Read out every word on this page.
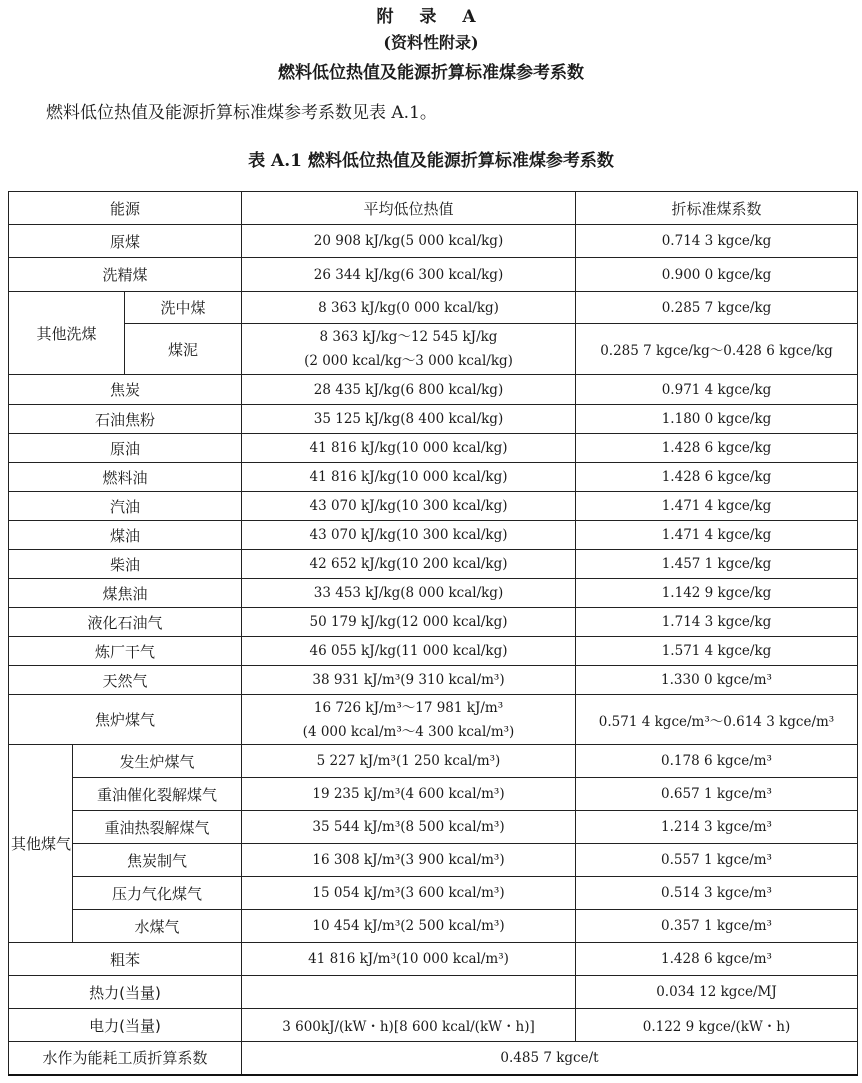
附 录 A
(资料性附录)
燃料低位热值及能源折算标准煤参考系数
燃料低位热值及能源折算标准煤参考系数见表 A.1。
表 A.1 燃料低位热值及能源折算标准煤参考系数
能源			平均低位热值	折标准煤系数
原煤			20 908 kJ/kg(5 000 kcal/kg)	0.714 3 kgce/kg
洗精煤			26 344 kJ/kg(6 300 kcal/kg)	0.900 0 kgce/kg
其他洗煤		洗中煤	8 363 kJ/kg(0 000 kcal/kg)	0.285 7 kgce/kg
		煤泥	8 363 kJ/kg～12 545 kJ/kg
(2 000 kcal/kg～3 000 kcal/kg)	0.285 7 kgce/kg～0.428 6 kgce/kg
焦炭			28 435 kJ/kg(6 800 kcal/kg)	0.971 4 kgce/kg
石油焦粉			35 125 kJ/kg(8 400 kcal/kg)	1.180 0 kgce/kg
原油			41 816 kJ/kg(10 000 kcal/kg)	1.428 6 kgce/kg
燃料油			41 816 kJ/kg(10 000 kcal/kg)	1.428 6 kgce/kg
汽油			43 070 kJ/kg(10 300 kcal/kg)	1.471 4 kgce/kg
煤油			43 070 kJ/kg(10 300 kcal/kg)	1.471 4 kgce/kg
柴油			42 652 kJ/kg(10 200 kcal/kg)	1.457 1 kgce/kg
煤焦油			33 453 kJ/kg(8 000 kcal/kg)	1.142 9 kgce/kg
液化石油气			50 179 kJ/kg(12 000 kcal/kg)	1.714 3 kgce/kg
炼厂干气			46 055 kJ/kg(11 000 kcal/kg)	1.571 4 kgce/kg
天然气			38 931 kJ/m³(9 310 kcal/m³)	1.330 0 kgce/m³
焦炉煤气			16 726 kJ/m³～17 981 kJ/m³
(4 000 kcal/m³～4 300 kcal/m³)	0.571 4 kgce/m³～0.614 3 kgce/m³
其他煤气	发生炉煤气		5 227 kJ/m³(1 250 kcal/m³)	0.178 6 kgce/m³
	重油催化裂解煤气		19 235 kJ/m³(4 600 kcal/m³)	0.657 1 kgce/m³
	重油热裂解煤气		35 544 kJ/m³(8 500 kcal/m³)	1.214 3 kgce/m³
	焦炭制气		16 308 kJ/m³(3 900 kcal/m³)	0.557 1 kgce/m³
	压力气化煤气		15 054 kJ/m³(3 600 kcal/m³)	0.514 3 kgce/m³
	水煤气		10 454 kJ/m³(2 500 kcal/m³)	0.357 1 kgce/m³
粗苯			41 816 kJ/m³(10 000 kcal/m³)	1.428 6 kgce/m³
热力(当量)				0.034 12 kgce/MJ
电力(当量)			3 600kJ/(kW・h)[8 600 kcal/(kW・h)]	0.122 9 kgce/(kW・h)
水作为能耗工质折算系数			0.485 7 kgce/t	
